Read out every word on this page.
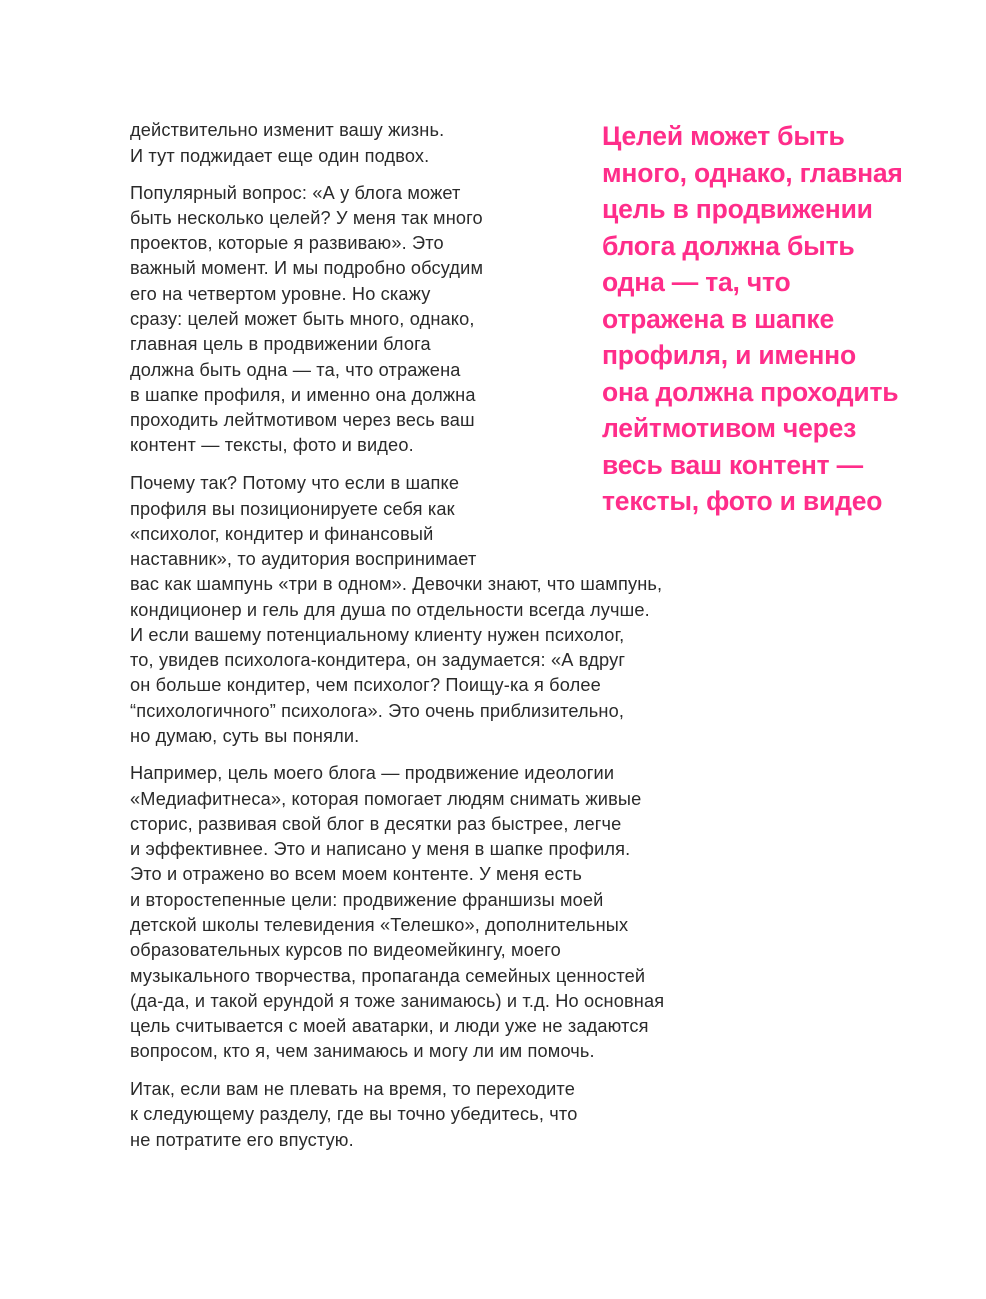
Целей может быть
много, однако, главная
цель в продвижении
блога должна быть
одна — та, что
отражена в шапке
профиля, и именно
она должна проходить
лейтмотивом через
весь ваш контент —
тексты, фото и видео
действительно изменит вашу жизнь.
И тут поджидает еще один подвох.
Популярный вопрос: «А у блога может
быть несколько целей? У меня так много
проектов, которые я развиваю». Это
важный момент. И мы подробно обсудим
его на четвертом уровне. Но скажу
сразу: целей может быть много, однако,
главная цель в продвижении блога
должна быть одна — та, что отражена
в шапке профиля, и именно она должна
проходить лейтмотивом через весь ваш
контент — тексты, фото и видео.
Почему так? Потому что если в шапке
профиля вы позиционируете себя как
«психолог, кондитер и финансовый
наставник», то аудитория воспринимает
вас как шампунь «три в одном». Девочки знают, что шампунь,
кондиционер и гель для душа по отдельности всегда лучше.
И если вашему потенциальному клиенту нужен психолог,
то, увидев психолога-кондитера, он задумается: «А вдруг
он больше кондитер, чем психолог? Поищу-ка я более
“психологичного” психолога». Это очень приблизительно,
но думаю, суть вы поняли.
Например, цель моего блога — продвижение идеологии
«Медиафитнеса», которая помогает людям снимать живые
сторис, развивая свой блог в десятки раз быстрее, легче
и эффективнее. Это и написано у меня в шапке профиля.
Это и отражено во всем моем контенте. У меня есть
и второстепенные цели: продвижение франшизы моей
детской школы телевидения «Телешко», дополнительных
образовательных курсов по видеомейкингу, моего
музыкального творчества, пропаганда семейных ценностей
(да-да, и такой ерундой я тоже занимаюсь) и т.д. Но основная
цель считывается с моей аватарки, и люди уже не задаются
вопросом, кто я, чем занимаюсь и могу ли им помочь.
Итак, если вам не плевать на время, то переходите
к следующему разделу, где вы точно убедитесь, что
не потратите его впустую.
